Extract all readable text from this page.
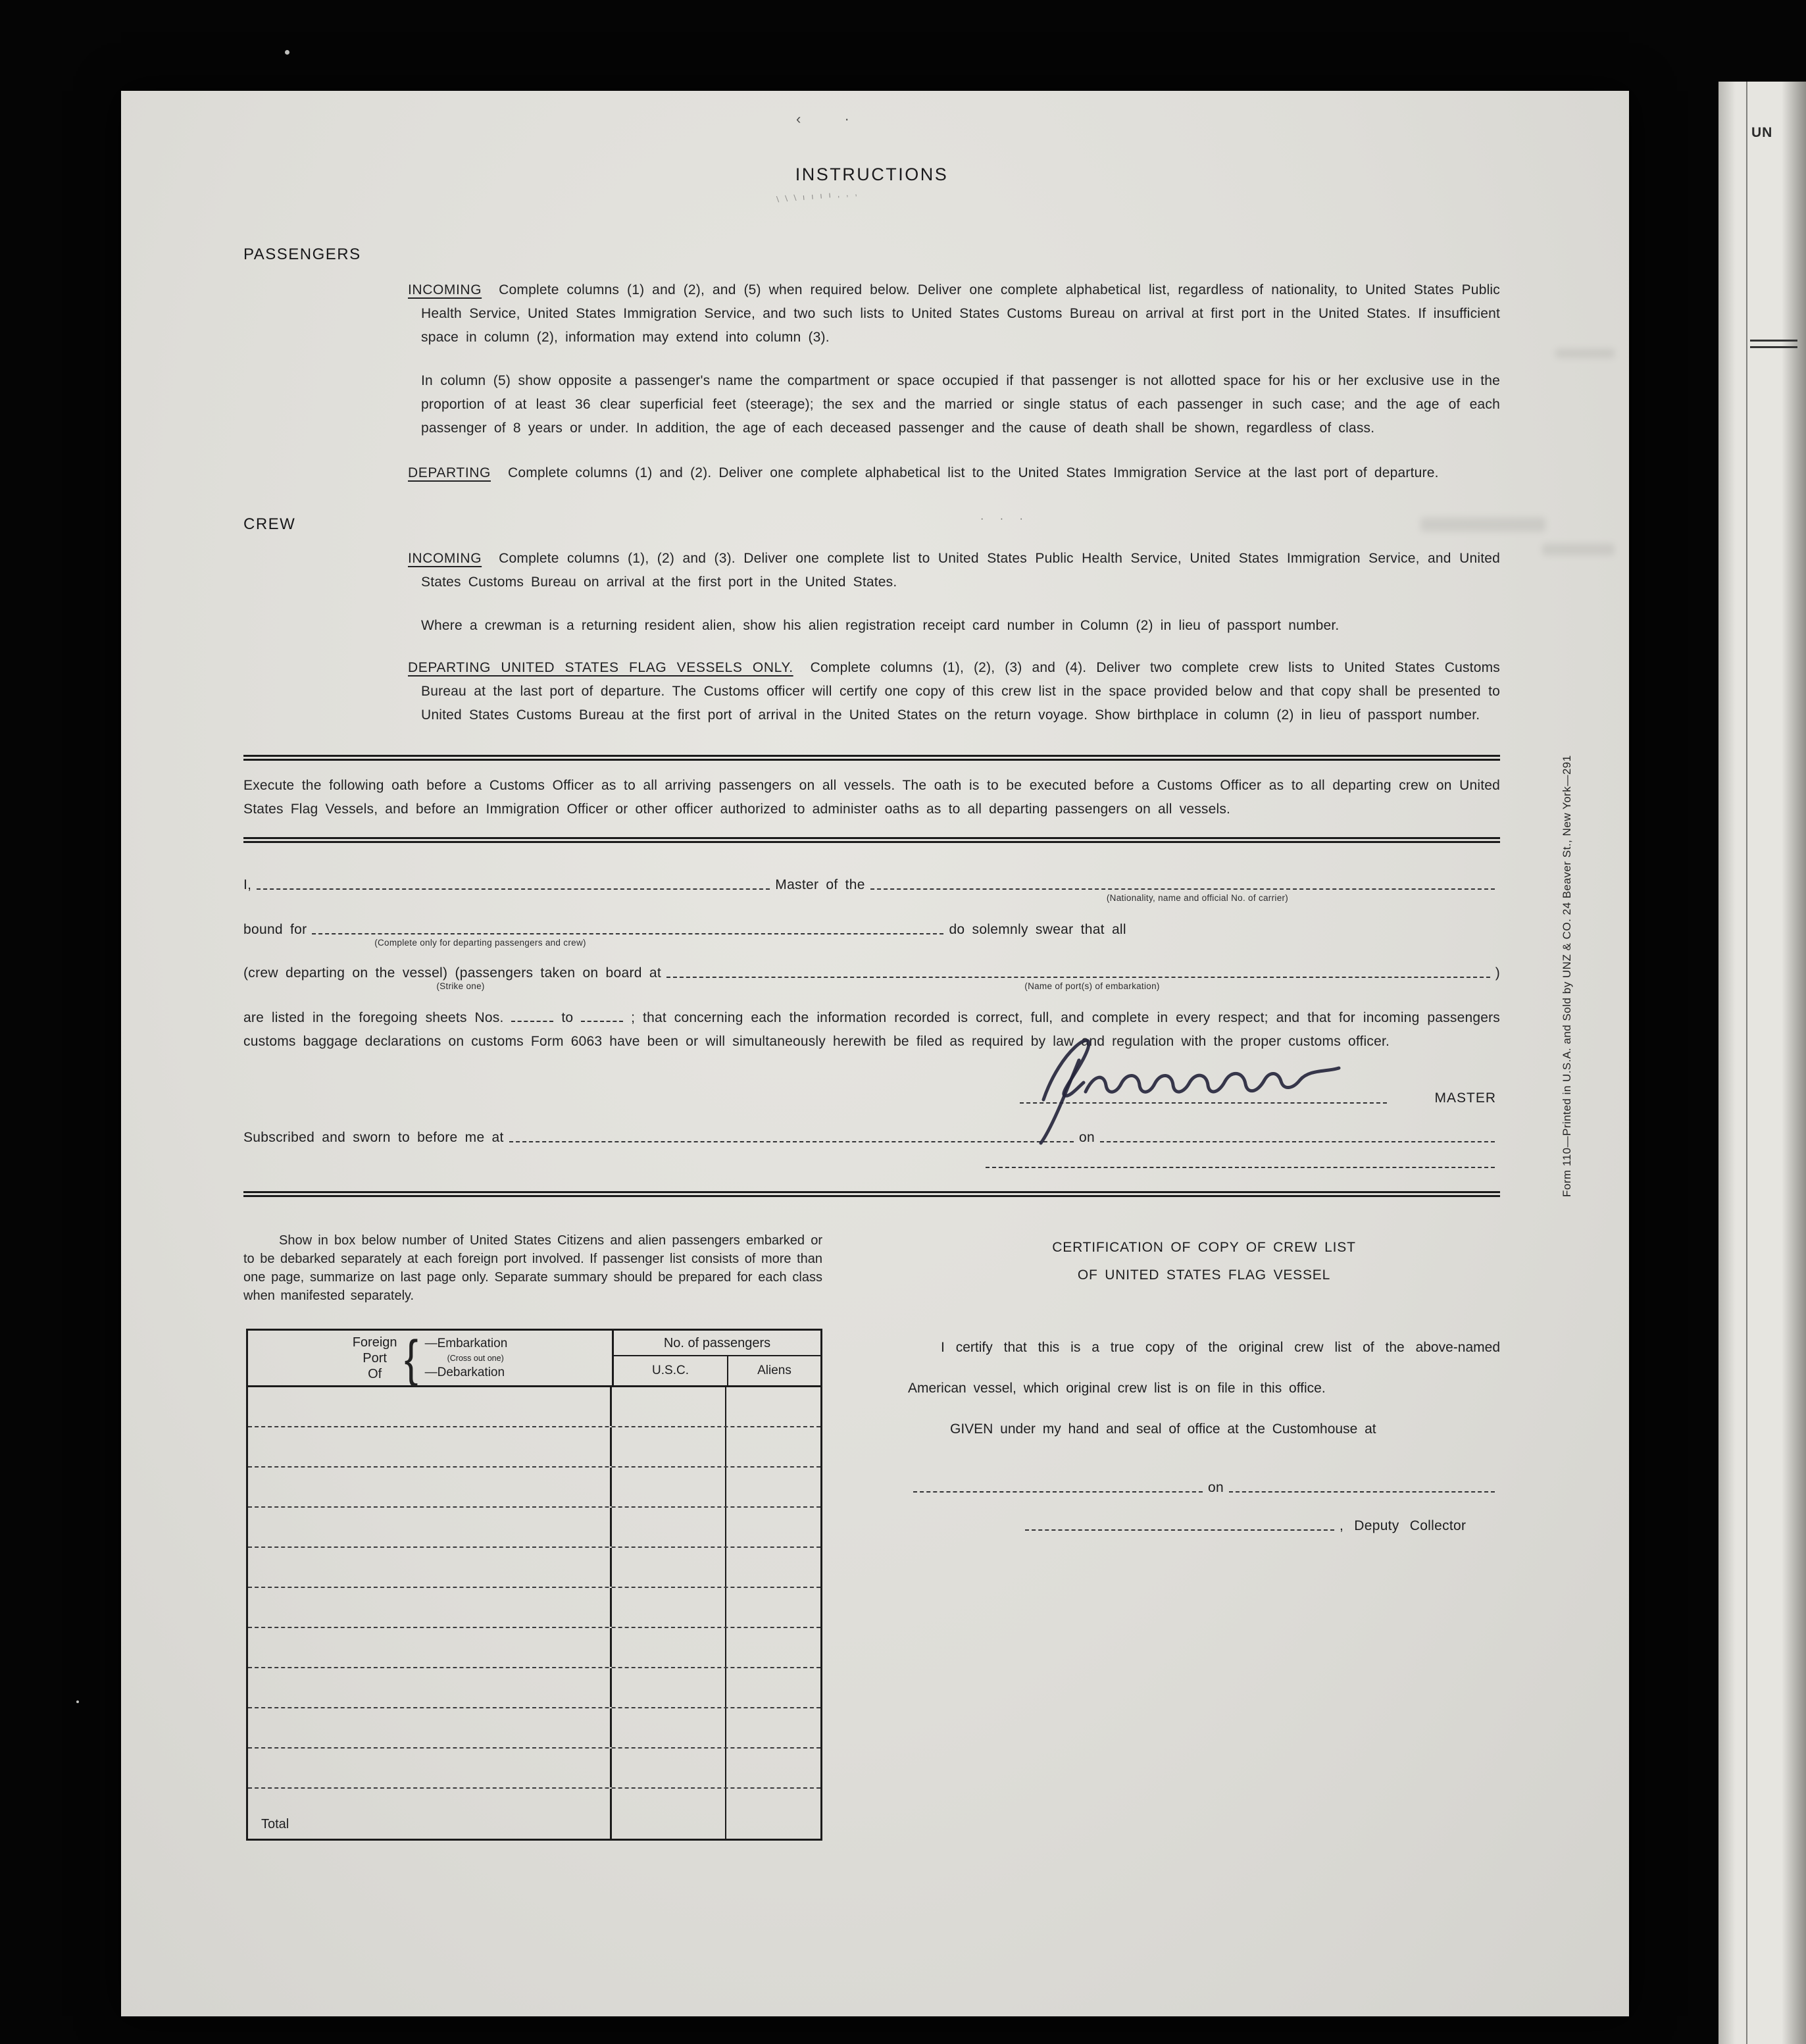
‹ ·
INSTRUCTIONS
\ \ \ ı ı ı ı , , ,
PASSENGERS

INCOMING Complete columns (1) and (2), and (5) when required below. Deliver one complete alphabetical list, regardless of nationality, to United States Public Health Service, United States Immigration Service, and two such lists to United States Customs Bureau on arrival at first port in the United States. If insufficient space in column (2), information may extend into column (3).

In column (5) show opposite a passenger's name the compartment or space occupied if that passenger is not allotted space for his or her exclusive use in the proportion of at least 36 clear superficial feet (steerage); the sex and the married or single status of each passenger in such case; and the age of each passenger of 8 years or under. In addition, the age of each deceased passenger and the cause of death shall be shown, regardless of class.

DEPARTING Complete columns (1) and (2). Deliver one complete alphabetical list to the United States Immigration Service at the last port of departure.

CREW

INCOMING Complete columns (1), (2) and (3). Deliver one complete list to United States Public Health Service, United States Immigration Service, and United States Customs Bureau on arrival at the first port in the United States.

Where a crewman is a returning resident alien, show his alien registration receipt card number in Column (2) in lieu of passport number.

DEPARTING UNITED STATES FLAG VESSELS ONLY. Complete columns (1), (2), (3) and (4). Deliver two complete crew lists to United States Customs Bureau at the last port of departure. The Customs officer will certify one copy of this crew list in the space provided below and that copy shall be presented to United States Customs Bureau at the first port of arrival in the United States on the return voyage. Show birthplace in column (2) in lieu of passport number.

Execute the following oath before a Customs Officer as to all arriving passengers on all vessels. The oath is to be executed before a Customs Officer as to all departing crew on United States Flag Vessels, and before an Immigration Officer or other officer authorized to administer oaths as to all departing passengers on all vessels.

I,	Master of the
(Nationality, name and official No. of carrier)
bound for	do solemnly swear that all
(Complete only for departing passengers and crew)
(crew departing on the vessel) (passengers taken on board at	)
(Strike one)	(Name of port(s) of embarkation)

are listed in the foregoing sheets Nos.	to	; that concerning each the information recorded is correct, full, and complete in every respect; and that for incoming passengers customs baggage declarations on customs Form 6063 have been or will simultaneously herewith be filed as required by law and regulation with the proper customs officer.

MASTER
Subscribed and sworn to before me at	on

Show in box below number of United States Citizens and alien passengers embarked or to be debarked separately at each foreign port involved. If passenger list consists of more than one page, summarize on last page only. Separate summary should be prepared for each class when manifested separately.

Foreign
Port
Of { —Embarkation
(Cross out one)
—Debarkation
No. of passengers
U.S.C.	Aliens
Total
CERTIFICATION OF COPY OF CREW LIST
OF UNITED STATES FLAG VESSEL

I certify that this is a true copy of the original crew list of the above-named American vessel, which original crew list is on file in this office.

GIVEN under my hand and seal of office at the Customhouse at

on
, Deputy Collector
· · ·
Form 110—Printed in U.S.A. and Sold by UNZ & CO. 24 Beaver St., New York—291
UN
